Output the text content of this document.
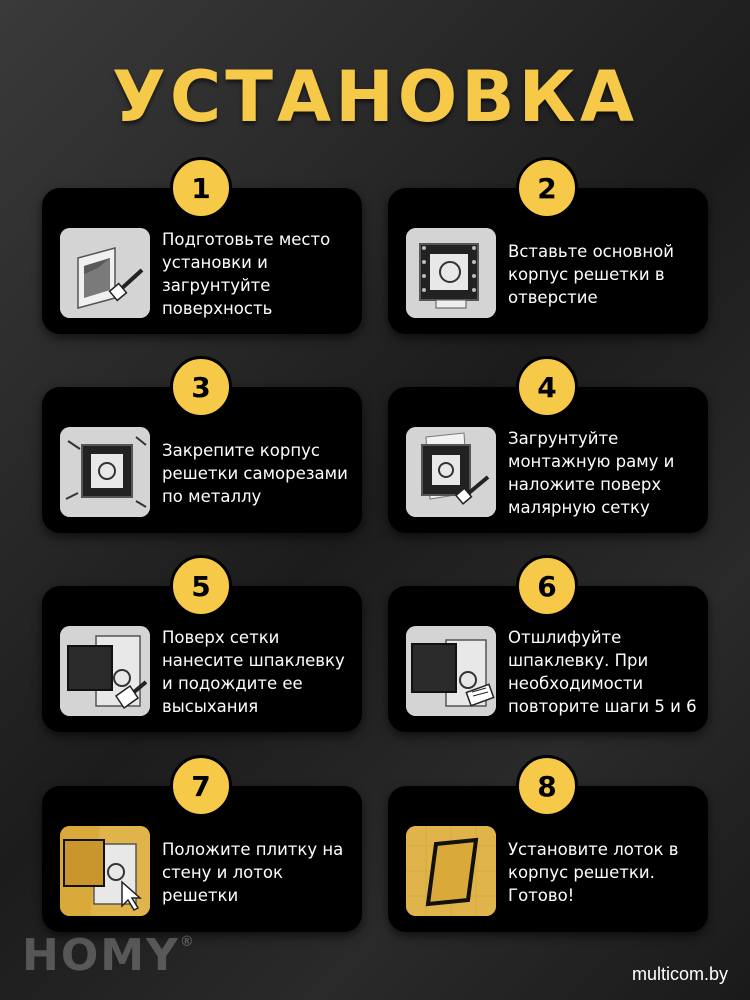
УСТАНОВКА
1
Подготовьте место установки и загрунтуйте поверхность
2
Вставьте основной корпус решетки в отверстие
3
Закрепите корпус решетки саморезами по металлу
4
Загрунтуйте монтажную раму и наложите поверх малярную сетку
5
Поверх сетки нанесите шпаклевку и подождите ее высыхания
6
Отшлифуйте шпаклевку. При необходимости повторите шаги 5 и 6
7
Положите плитку на стену и лоток решетки
8
Установите лоток в корпус решетки. Готово!
HOMY®
multicom.by
